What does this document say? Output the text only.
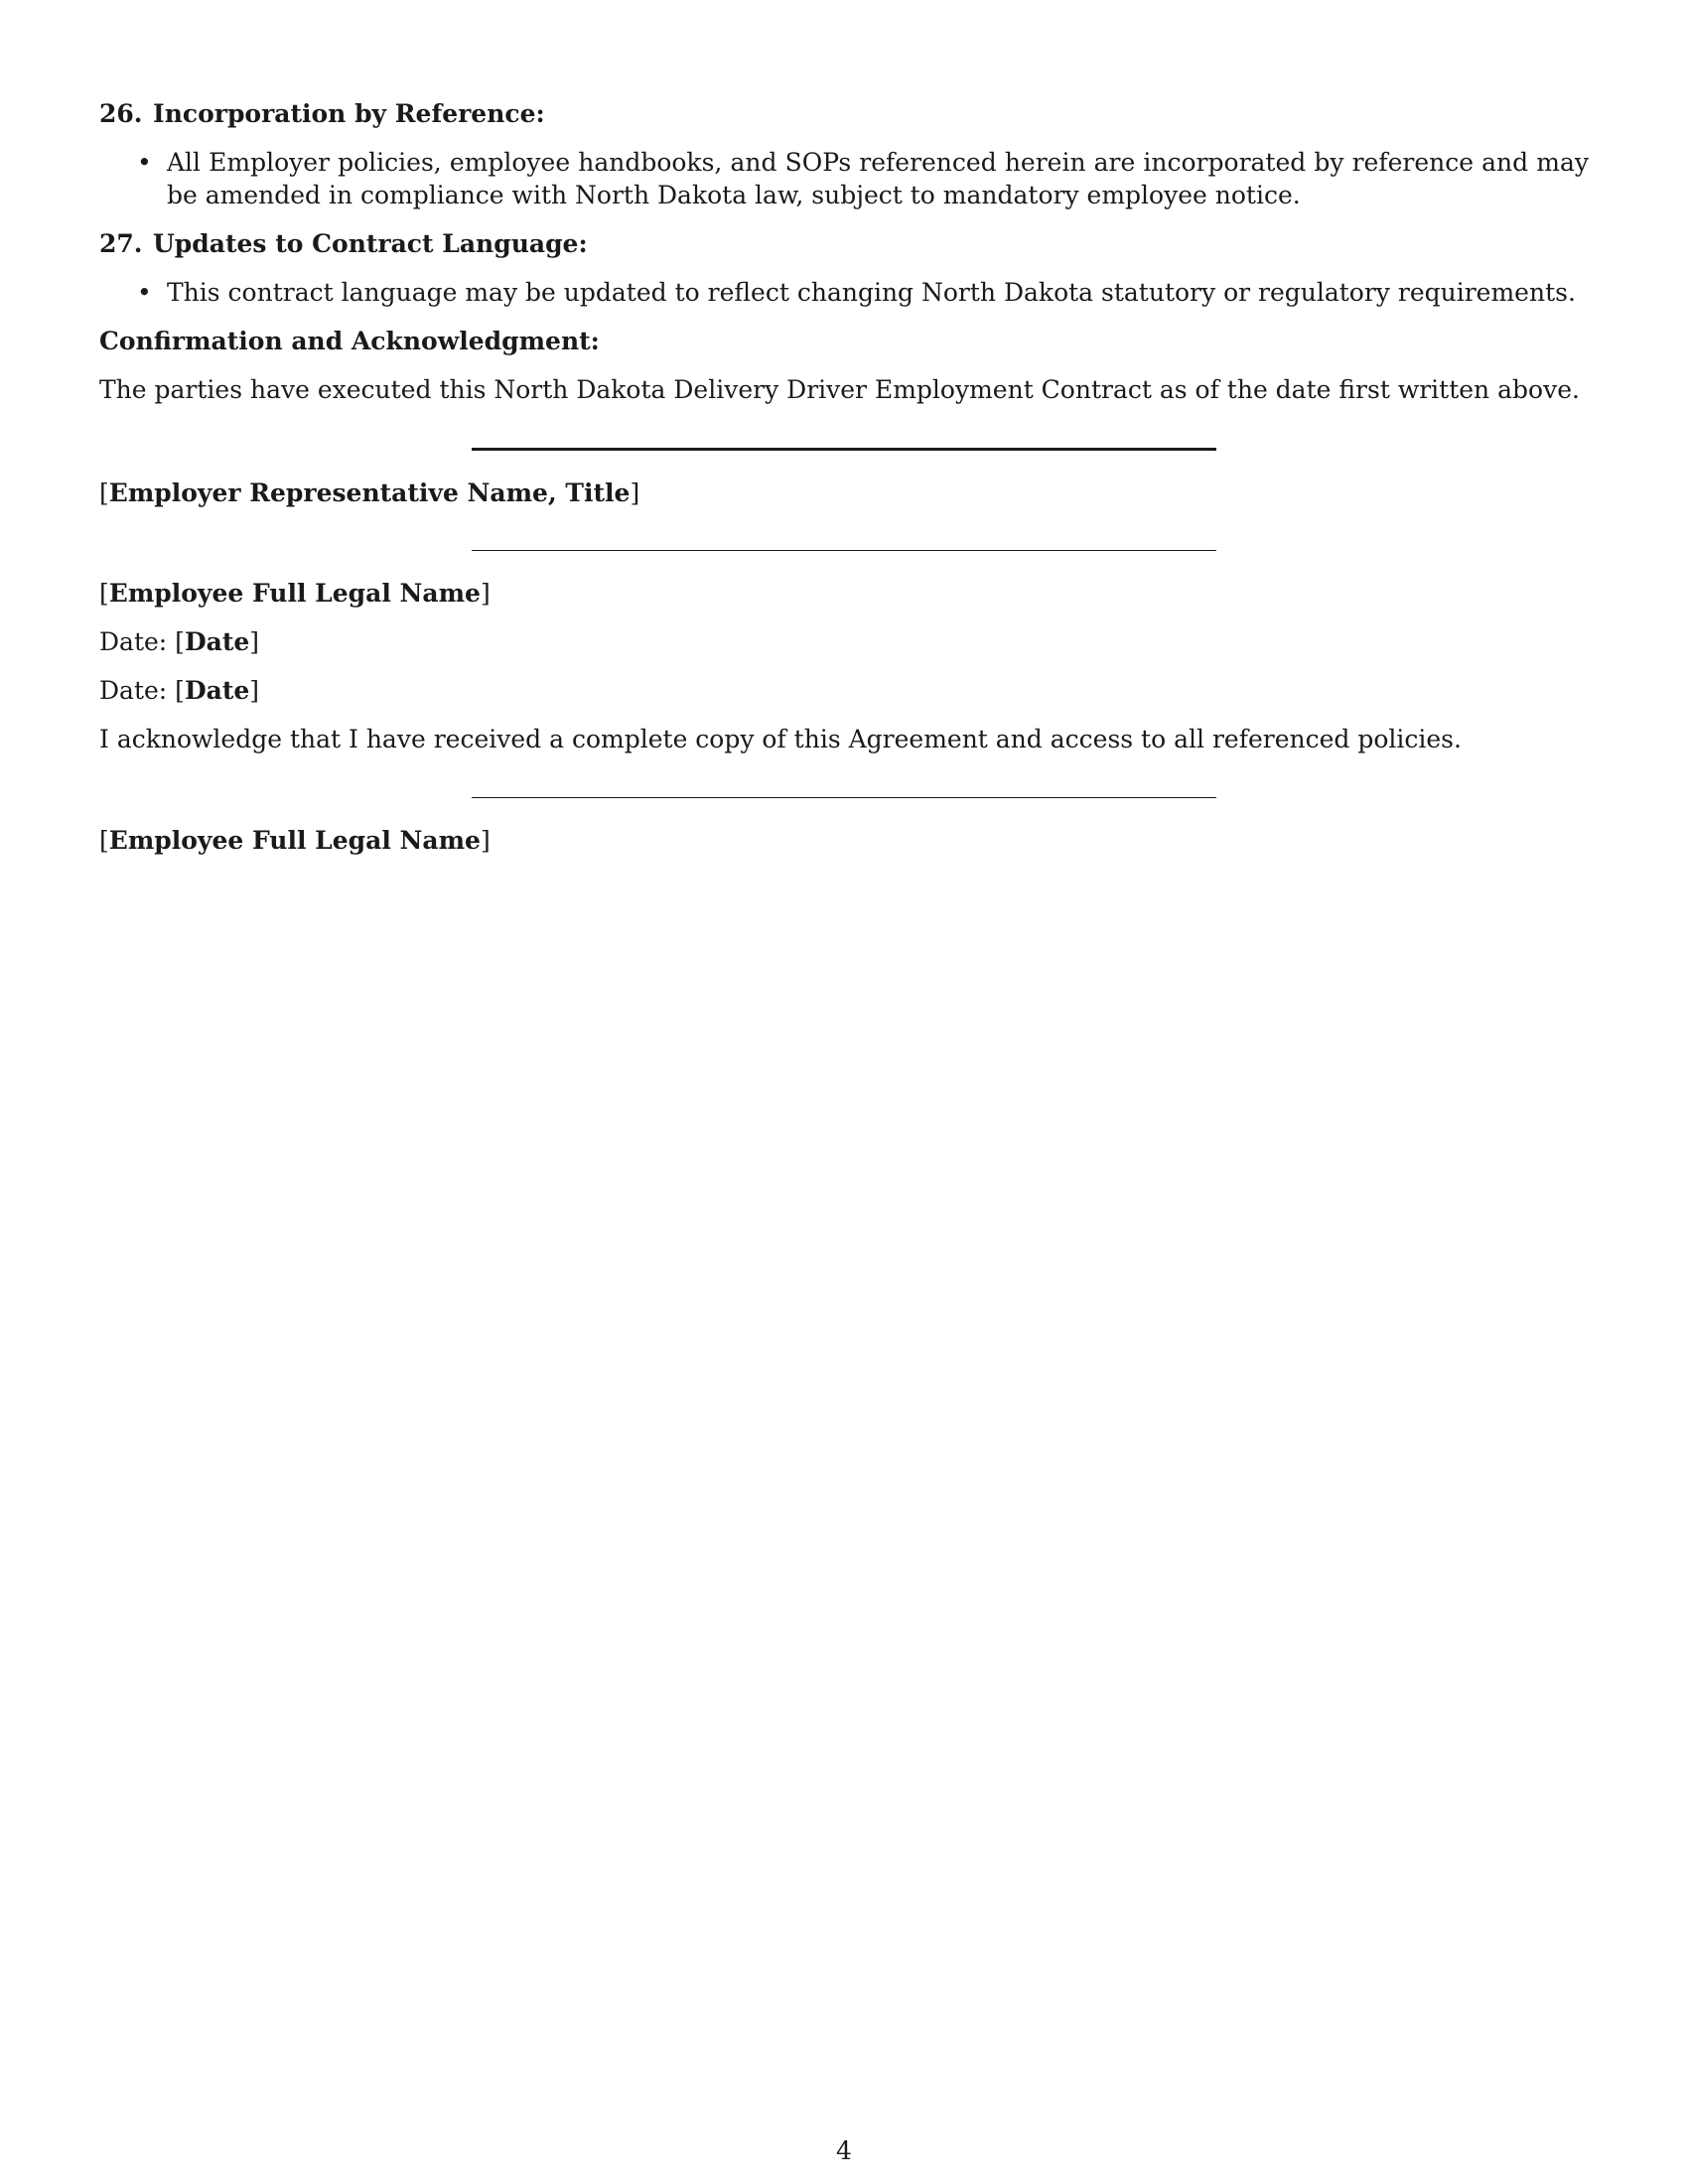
26. Incorporation by Reference:
• All Employer policies, employee handbooks, and SOPs referenced herein are incorporated by reference and may be amended in compliance with North Dakota law, subject to mandatory employee notice.
27. Updates to Contract Language:
• This contract language may be updated to reflect changing North Dakota statutory or regulatory requirements.
Confirmation and Acknowledgment:
The parties have executed this North Dakota Delivery Driver Employment Contract as of the date first written above.
[Employer Representative Name, Title]
[Employee Full Legal Name]
Date: [Date]
Date: [Date]
I acknowledge that I have received a complete copy of this Agreement and access to all referenced policies.
[Employee Full Legal Name]
4
